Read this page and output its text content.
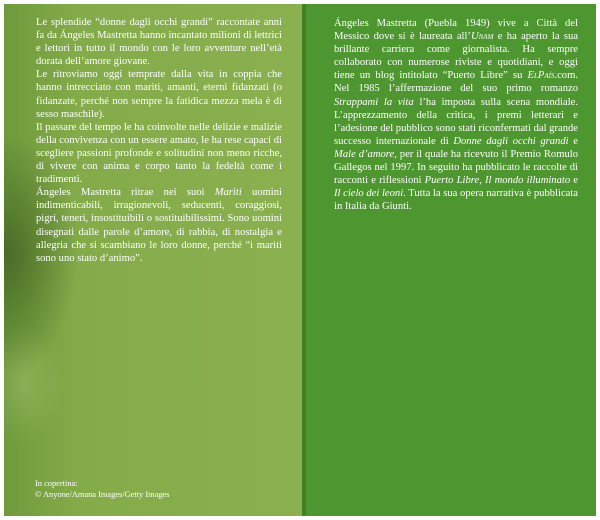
Le splendide “donne dagli occhi grandi” raccontate anni fa da Ángeles Mastretta hanno incantato milioni di lettrici e lettori in tutto il mondo con le loro avventure nell’età dorata dell’amore giovane.

Le ritroviamo oggi temprate dalla vita in coppia che hanno intrecciato con mariti, amanti, eterni fidanzati (o fidanzate, perché non sempre la fatidica mezza mela è di sesso maschile).

Il passare del tempo le ha coinvolte nelle delizie e malizie della convivenza con un essere amato, le ha rese capaci di scegliere passioni profonde e solitudini non meno ricche, di vivere con anima e corpo tanto la fedeltà come i tradimenti.

Ángeles Mastretta ritrae nei suoi Mariti uomini indimenticabili, irragionevoli, seducenti, coraggiosi, pigri, teneri, insostituibili o sostituibilissimi. Sono uomini disegnati dalle parole d’amore, di rabbia, di nostalgia e allegria che si scambiano le loro donne, perché “i mariti sono uno stato d’animo”.

In copertina:
© Anyone/Amana Images/Getty Images

Ángeles Mastretta (Puebla 1949) vive a Città del Messico dove si è laureata all’Unam e ha aperto la sua brillante carriera come giornalista. Ha sempre collaborato con numerose riviste e quotidiani, e oggi tiene un blog intitolato “Puerto Libre” su ElPaís.com. Nel 1985 l’affermazione del suo primo romanzo Strappami la vita l’ha imposta sulla scena mondiale. L’apprezzamento della critica, i premi letterari e l’adesione del pubblico sono stati riconfermati dal grande successo internazionale di Donne dagli occhi grandi e Male d’amore, per il quale ha ricevuto il Premio Romulo Gallegos nel 1997. In seguito ha pubblicato le raccolte di racconti e riflessioni Puerto Libre, Il mondo illuminato e Il cielo dei leoni. Tutta la sua opera narrativa è pubblicata in Italia da Giunti.
